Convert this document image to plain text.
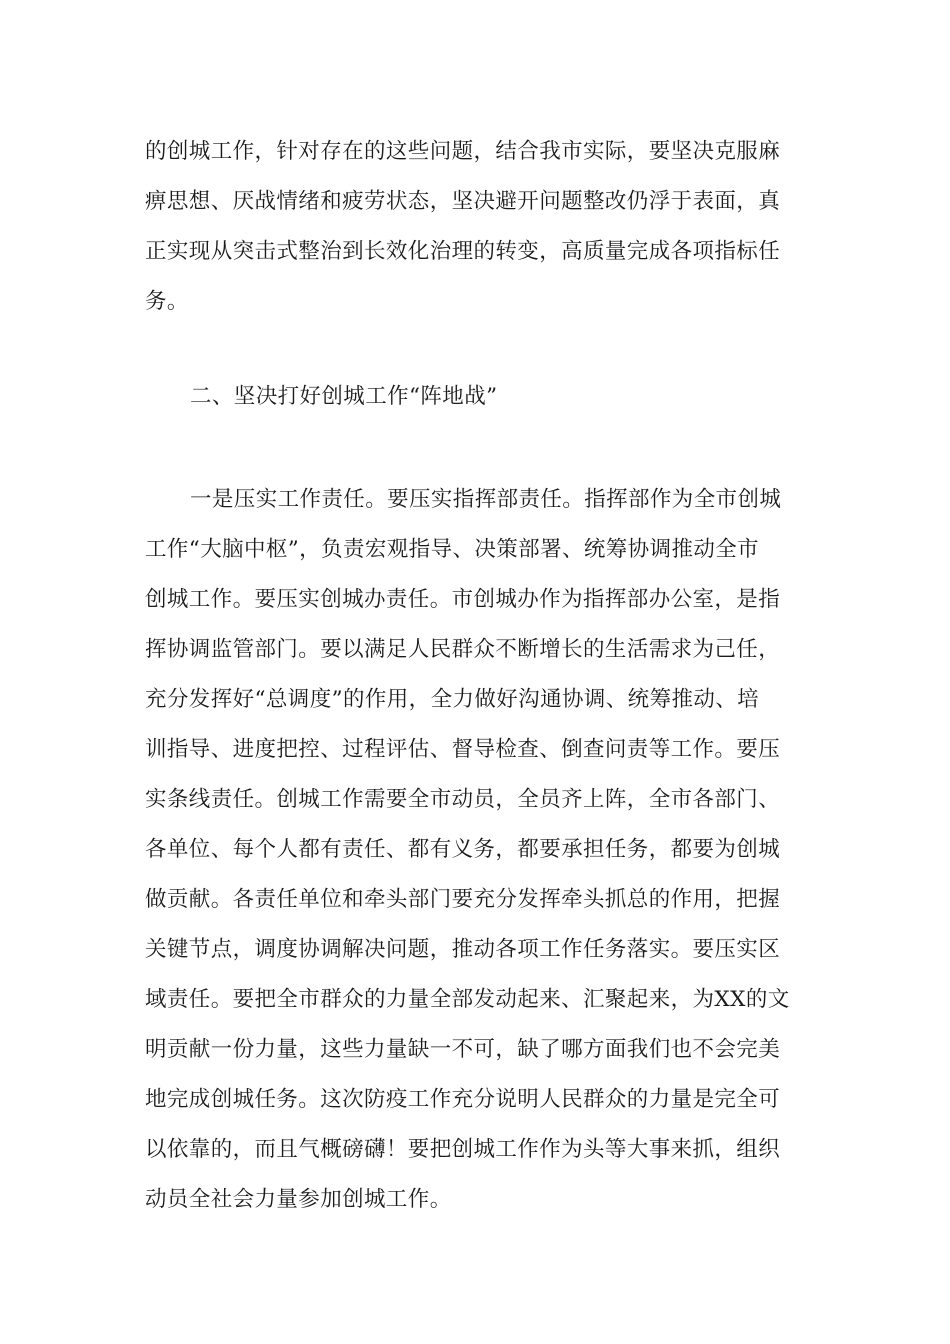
的创城工作，针对存在的这些问题，结合我市实际，要坚决克服麻
痹思想、厌战情绪和疲劳状态，坚决避开问题整改仍浮于表面，真
正实现从突击式整治到长效化治理的转变，高质量完成各项指标任
务。
二、坚决打好创城工作“阵地战”
一是压实工作责任。要压实指挥部责任。指挥部作为全市创城
工作“大脑中枢”，负责宏观指导、决策部署、统筹协调推动全市
创城工作。要压实创城办责任。市创城办作为指挥部办公室，是指
挥协调监管部门。要以满足人民群众不断增长的生活需求为己任，
充分发挥好“总调度”的作用，全力做好沟通协调、统筹推动、培
训指导、进度把控、过程评估、督导检查、倒查问责等工作。要压
实条线责任。创城工作需要全市动员，全员齐上阵，全市各部门、
各单位、每个人都有责任、都有义务，都要承担任务，都要为创城
做贡献。各责任单位和牵头部门要充分发挥牵头抓总的作用，把握
关键节点，调度协调解决问题，推动各项工作任务落实。要压实区
域责任。要把全市群众的力量全部发动起来、汇聚起来，为XX的文
明贡献一份力量，这些力量缺一不可，缺了哪方面我们也不会完美
地完成创城任务。这次防疫工作充分说明人民群众的力量是完全可
以依靠的，而且气概磅礴！要把创城工作作为头等大事来抓，组织
动员全社会力量参加创城工作。
